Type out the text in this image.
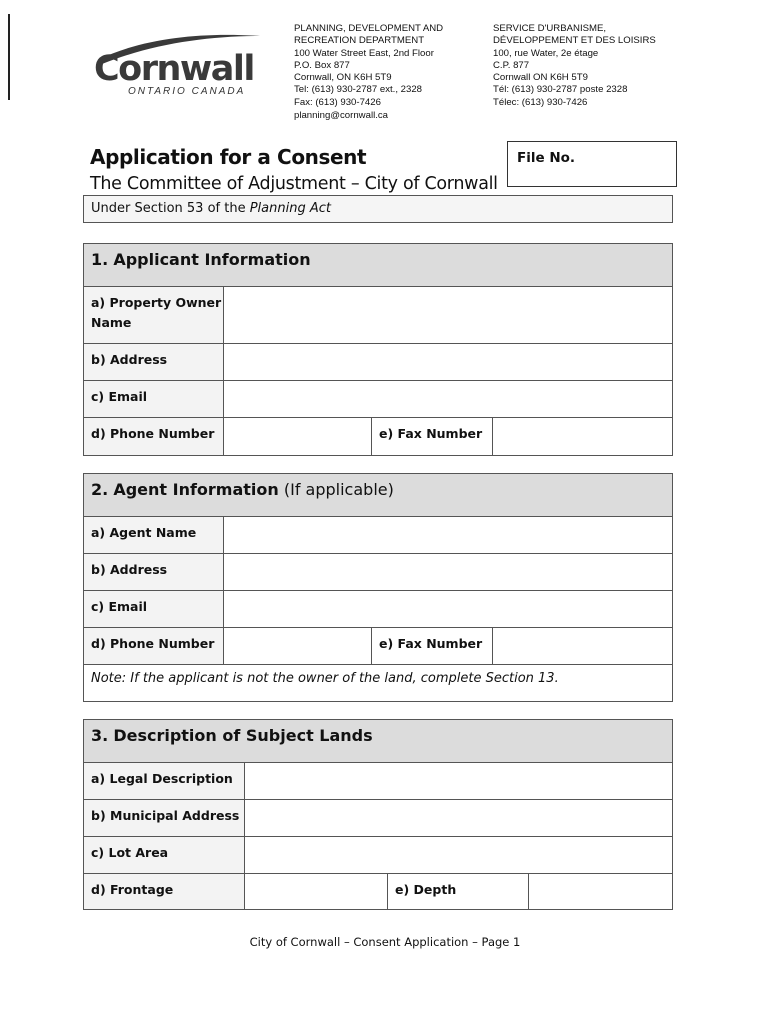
Cornwall
ONTARIO CANADA
PLANNING, DEVELOPMENT AND
RECREATION DEPARTMENT
100 Water Street East, 2nd Floor
P.O. Box 877
Cornwall, ON K6H 5T9
Tel: (613) 930-2787 ext., 2328
Fax: (613) 930-7426
planning@cornwall.ca
SERVICE D'URBANISME,
DÉVELOPPEMENT ET DES LOISIRS
100, rue Water, 2e étage
C.P. 877
Cornwall ON K6H 5T9
Tél: (613) 930-2787 poste 2328
Télec: (613) 930-7426
Application for a Consent
The Committee of Adjustment – City of Cornwall
File No.
Under Section 53 of the Planning Act
1. Applicant Information
a) Property Owner Name
b) Address
c) Email
d) Phone Number	e) Fax Number
2. Agent Information (If applicable)
a) Agent Name
b) Address
c) Email
d) Phone Number	e) Fax Number
Note: If the applicant is not the owner of the land, complete Section 13.
3. Description of Subject Lands
a) Legal Description
b) Municipal Address
c) Lot Area
d) Frontage	e) Depth
City of Cornwall – Consent Application – Page 1
